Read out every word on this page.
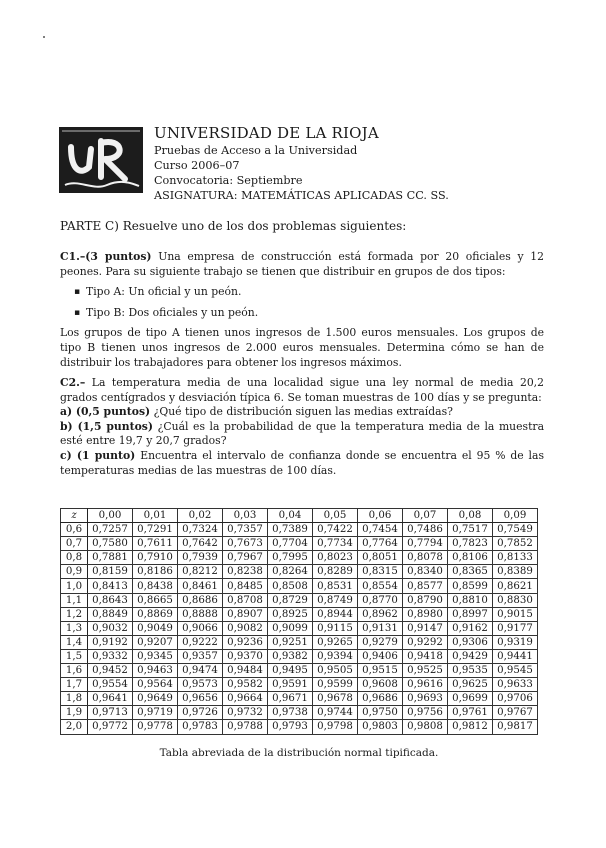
UNIVERSIDAD DE LA RIOJA
Pruebas de Acceso a la Universidad
Curso 2006–07
Convocatoria: Septiembre
ASIGNATURA: MATEMÁTICAS APLICADAS CC. SS.
PARTE C) Resuelve uno de los dos problemas siguientes:

C1.–(3 puntos) Una empresa de construcción está formada por 20 oficiales y 12 peones. Para su siguiente trabajo se tienen que distribuir en grupos de dos tipos:

▪ Tipo A: Un oficial y un peón.
▪ Tipo B: Dos oficiales y un peón.

Los grupos de tipo A tienen unos ingresos de 1.500 euros mensuales. Los grupos de tipo B tienen unos ingresos de 2.000 euros mensuales. Determina cómo se han de distribuir los trabajadores para obtener los ingresos máximos.

C2.– La temperatura media de una localidad sigue una ley normal de media 20,2 grados centígrados y desviación típica 6. Se toman muestras de 100 días y se pregunta:

a) (0,5 puntos) ¿Qué tipo de distribución siguen las medias extraídas?

b) (1,5 puntos) ¿Cuál es la probabilidad de que la temperatura media de la muestra esté entre 19,7 y 20,7 grados?

c) (1 punto) Encuentra el intervalo de confianza donde se encuentra el 95 % de las temperaturas medias de las muestras de 100 días.

z	0,00	0,01	0,02	0,03	0,04	0,05	0,06	0,07	0,08	0,09
0,6	0,7257	0,7291	0,7324	0,7357	0,7389	0,7422	0,7454	0,7486	0,7517	0,7549
0,7	0,7580	0,7611	0,7642	0,7673	0,7704	0,7734	0,7764	0,7794	0,7823	0,7852
0,8	0,7881	0,7910	0,7939	0,7967	0,7995	0,8023	0,8051	0,8078	0,8106	0,8133
0,9	0,8159	0,8186	0,8212	0,8238	0,8264	0,8289	0,8315	0,8340	0,8365	0,8389
1,0	0,8413	0,8438	0,8461	0,8485	0,8508	0,8531	0,8554	0,8577	0,8599	0,8621
1,1	0,8643	0,8665	0,8686	0,8708	0,8729	0,8749	0,8770	0,8790	0,8810	0,8830
1,2	0,8849	0,8869	0,8888	0,8907	0,8925	0,8944	0,8962	0,8980	0,8997	0,9015
1,3	0,9032	0,9049	0,9066	0,9082	0,9099	0,9115	0,9131	0,9147	0,9162	0,9177
1,4	0,9192	0,9207	0,9222	0,9236	0,9251	0,9265	0,9279	0,9292	0,9306	0,9319
1,5	0,9332	0,9345	0,9357	0,9370	0,9382	0,9394	0,9406	0,9418	0,9429	0,9441
1,6	0,9452	0,9463	0,9474	0,9484	0,9495	0,9505	0,9515	0,9525	0,9535	0,9545
1,7	0,9554	0,9564	0,9573	0,9582	0,9591	0,9599	0,9608	0,9616	0,9625	0,9633
1,8	0,9641	0,9649	0,9656	0,9664	0,9671	0,9678	0,9686	0,9693	0,9699	0,9706
1,9	0,9713	0,9719	0,9726	0,9732	0,9738	0,9744	0,9750	0,9756	0,9761	0,9767
2,0	0,9772	0,9778	0,9783	0,9788	0,9793	0,9798	0,9803	0,9808	0,9812	0,9817
Tabla abreviada de la distribución normal tipificada.
